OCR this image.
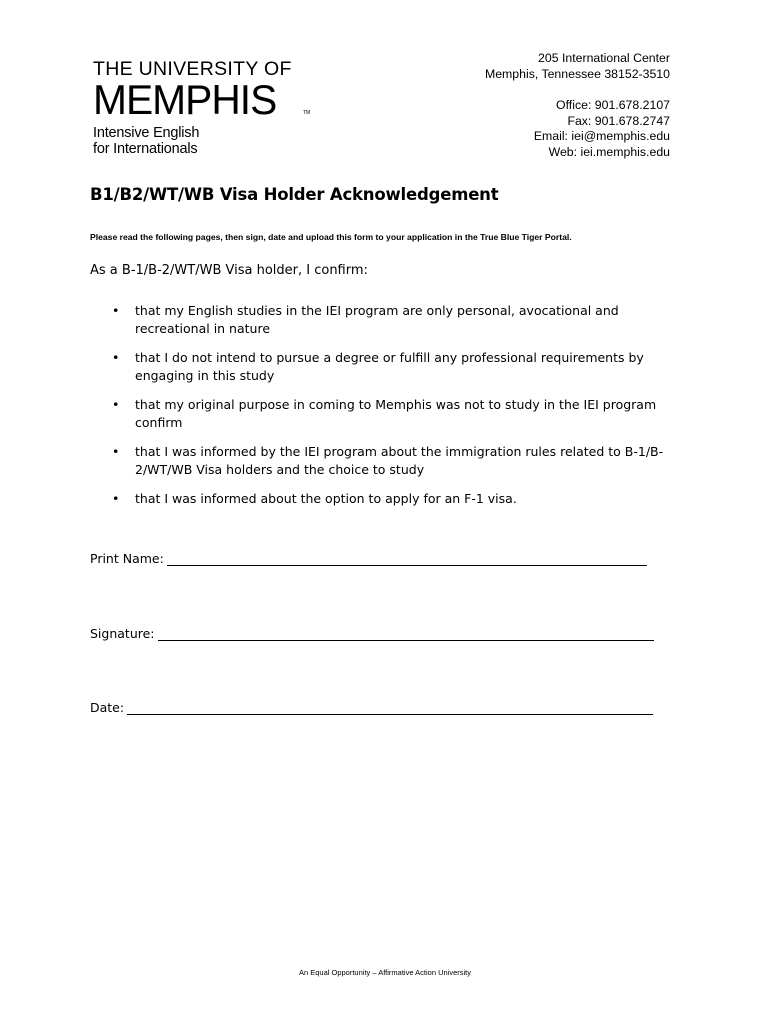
THE UNIVERSITY OF
MEMPHIS	TM
Intensive English
for Internationals
205 International Center
Memphis, Tennessee 38152-3510
Office: 901.678.2107
Fax: 901.678.2747
Email: iei@memphis.edu
Web: iei.memphis.edu
B1/B2/WT/WB Visa Holder Acknowledgement

Please read the following pages, then sign, date and upload this form to your application in the True Blue Tiger Portal.

As a B-1/B-2/WT/WB Visa holder, I confirm:

• that my English studies in the IEI program are only personal, avocational and recreational in nature
• that I do not intend to pursue a degree or fulfill any professional requirements by engaging in this study
• that my original purpose in coming to Memphis was not to study in the IEI program confirm
• that I was informed by the IEI program about the immigration rules related to B-1/B-2/WT/WB Visa holders and the choice to study
• that I was informed about the option to apply for an F-1 visa.
Print Name:
Signature:
Date:
An Equal Opportunity – Affirmative Action University
